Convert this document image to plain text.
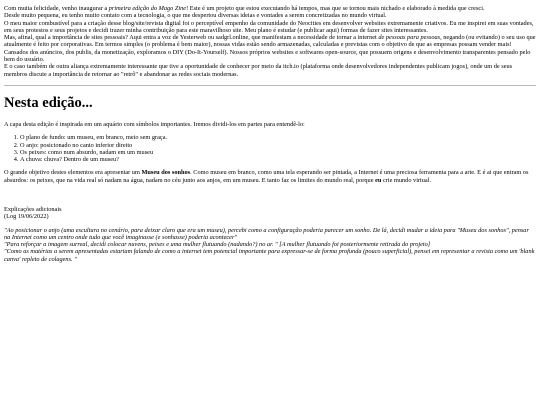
Com muita felicidade, venho inaugurar a primeira edição do Mago Zine! Este é um projeto que estou executando há tempos, mas que se tornou mais nichado e elaborado à medida que cresci.

Desde muito pequena, eu tenho muito contato com a tecnologia, o que me despertou diversas ideias e vontades a serem concretizadas no mundo virtual.

O meu maior combustível para a criação desse blog/site/revista digital foi o perceptível empenho da comunidade do Neocities em desenvolver websites extremamente criativos. Eu me inspirei em suas vontades, em seus protestos e seus projetos e decidi trazer minha contribuição para este maravilhoso site. Meu plano é estudar (e publicar aqui) formas de fazer sites interessantes.

Mas, afinal, qual a importância de sites pessoais? Aqui entra a voz de Yesterweb ou sadgrl.online, que manifestam a necessidade de tornar a internet de pessoas para pessoas, negando (ou evitando) o seu uso que atualmente é feito por corporativas. Em termos simples (o problema é bem maior), nossas vidas estão sendo armazenadas, calculadas e previstas com o objetivo de que as empresas possam vender mais! Cansados dos anúncios, dos publis, da monetização, exploramos o DIY (Do-It-Yourself). Nossos próprios websites e softwares open-source, que possuem origens e desenvolvimento transparentes pensado pelo bem do usuário.

E o caso também de outra aliança extremamente interessante que tive a oportunidade de conhecer por meio da itch.io (plataforma onde desenvolvedores independentes publicam jogos), onde um de seus membros discute a importância de retornar ao "retrô" e abandonar as redes sociais modernas.

Nesta edição...

A capa desta edição é inspirada em um aquário com símbolos importantes. Iremos dividi-los em partes para entendê-lo:

1. O plano de fundo: um museu, em branco, meio sem graça.
2. O anjo: posicionado no canto inferior direito
3. Os peixes: como num absurdo, nadam em um museu
4. A chuva: chuva? Dentro de um museu?

O grande objetivo destes elementos era apresentar um Museu dos sonhos. Como museu em branco, como uma tela esperando ser pintada, a Internet é uma preciosa ferramenta para a arte. E é ai que entram os absurdos: os peixes, que na vida real só nadam na água, nadam no céu junto aos anjos, em um museu. E tanto faz os limites do mundo real, porque eu crie mundo virtual.

Explicações adicionais

(Log 19/06/2022)

"Ao posicionar o anjo (uma escultura no cenário, para deixar claro que era um museu), percebi como a configuração poderia parecer um sonho. De lá, decidi mudar a ideia para "Museu dos sonhos", pensar na Internet como um centro onde tudo que você imaginasse (e sonhasse) poderia acontecer"

"Para reforçar a imagem surreal, decidi colocar nuvens, peixes e uma mulher flutuando (nadando?) no ar. " [A mulher flutuando foi posteriormente retirada do projeto]

"Como as matérias a serem apresentadas estariam falando de como a internet tem potencial importante para expressar-se de forma profunda (pouco superficial), pensei em representar a revista como um 'blank canva' repleto de colagens. "
